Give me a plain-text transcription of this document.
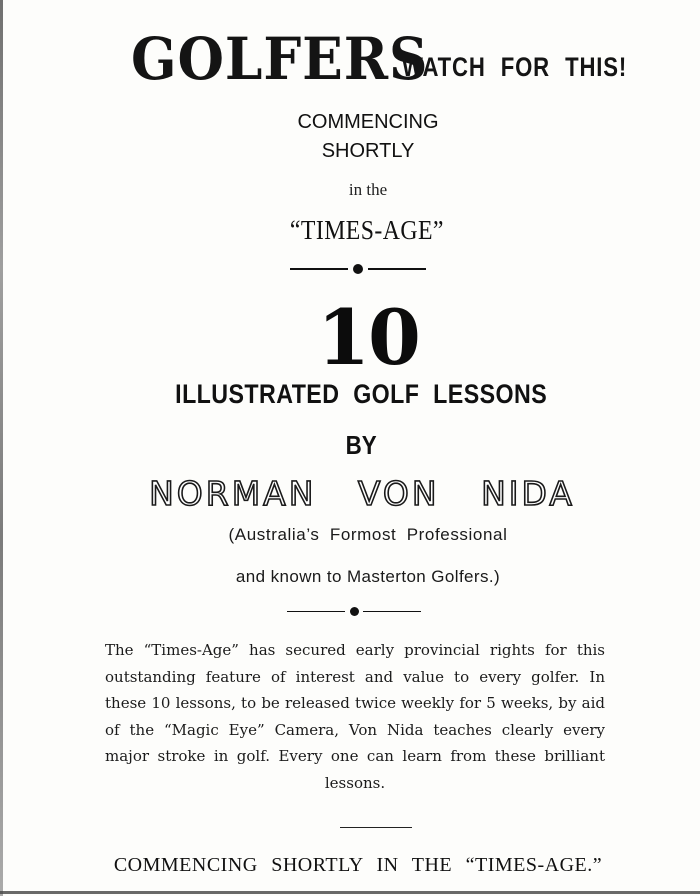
GOLFERS
WATCH FOR THIS!
COMMENCING
SHORTLY
in the
“TIMES-AGE”
10
ILLUSTRATED GOLF LESSONS
BY
NORMAN VON NIDA
(Australia’s Formost Professional
and known to Masterton Golfers.)
The “Times-Age” has secured early provincial rights for this
outstanding feature of interest and value to every golfer. In
these 10 lessons, to be released twice weekly for 5 weeks, by aid
of the “Magic Eye” Camera, Von Nida teaches clearly every
major stroke in golf. Every one can learn from these brilliant
lessons.
COMMENCING SHORTLY IN THE “TIMES-AGE.”
